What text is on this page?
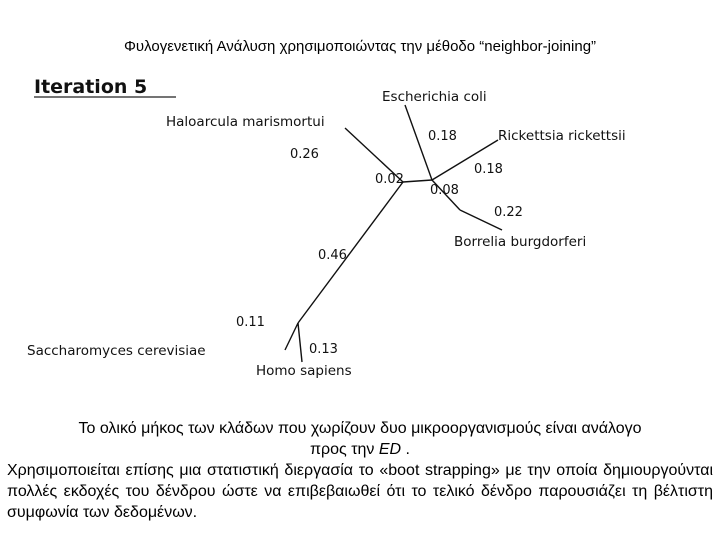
Φυλογενετική Ανάλυση χρησιμοποιώντας την μέθοδο “neighbor-joining”
Iteration 5	Escherichia coli
Haloarcula marismortui
Rickettsia rickettsii
Borrelia burgdorferi
Saccharomyces cerevisiae
Homo sapiens
0.18
0.18
0.26
0.02
0.08
0.22
0.46
0.11
0.13
Το ολικό μήκος των κλάδων που χωρίζουν δυο μικροοργανισμούς είναι ανάλογο
προς την ED .
Χρησιμοποιείται επίσης μια στατιστική διεργασία το «boot strapping» με την οποία δημιουργούνται πολλές εκδοχές του δένδρου ώστε να επιβεβαιωθεί ότι το τελικό δένδρο παρουσιάζει τη βέλτιστη συμφωνία των δεδομένων.
